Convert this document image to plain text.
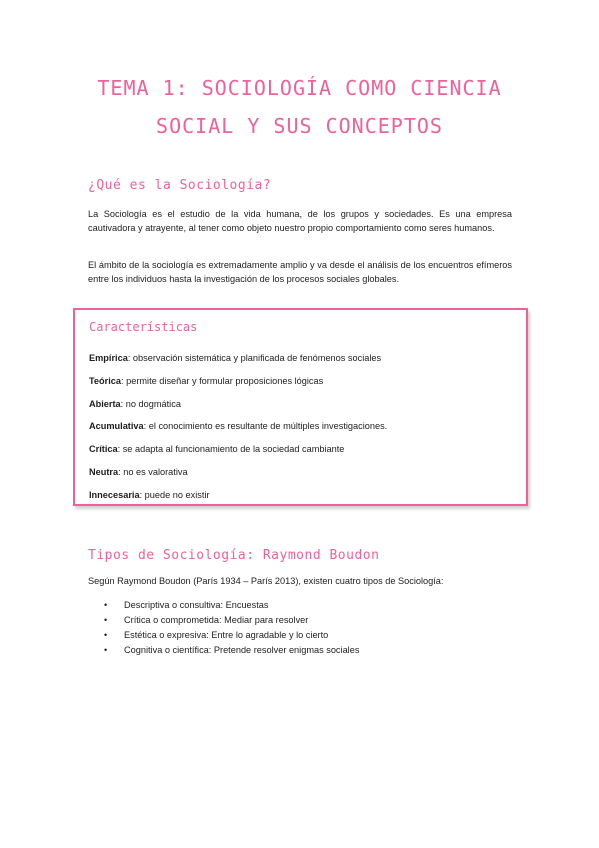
TEMA 1: SOCIOLOGÍA COMO CIENCIA
SOCIAL Y SUS CONCEPTOS
¿Qué es la Sociología?

La Sociología es el estudio de la vida humana, de los grupos y sociedades. Es una empresa cautivadora y atrayente, al tener como objeto nuestro propio comportamiento como seres humanos.

El ámbito de la sociología es extremadamente amplio y va desde el análisis de los encuentros efímeros entre los individuos hasta la investigación de los procesos sociales globales.

Características

Empírica: observación sistemática y planificada de fenómenos sociales

Teórica: permite diseñar y formular proposiciones lógicas

Abierta: no dogmática

Acumulativa: el conocimiento es resultante de múltiples investigaciones.

Crítica: se adapta al funcionamiento de la sociedad cambiante

Neutra: no es valorativa

Innecesaria: puede no existir

Tipos de Sociología: Raymond Boudon

Según Raymond Boudon (París 1934 – París 2013), existen cuatro tipos de Sociología:

• Descriptiva o consultiva: Encuestas
• Crítica o comprometida: Mediar para resolver
• Estética o expresiva: Entre lo agradable y lo cierto
• Cognitiva o científica: Pretende resolver enigmas sociales
